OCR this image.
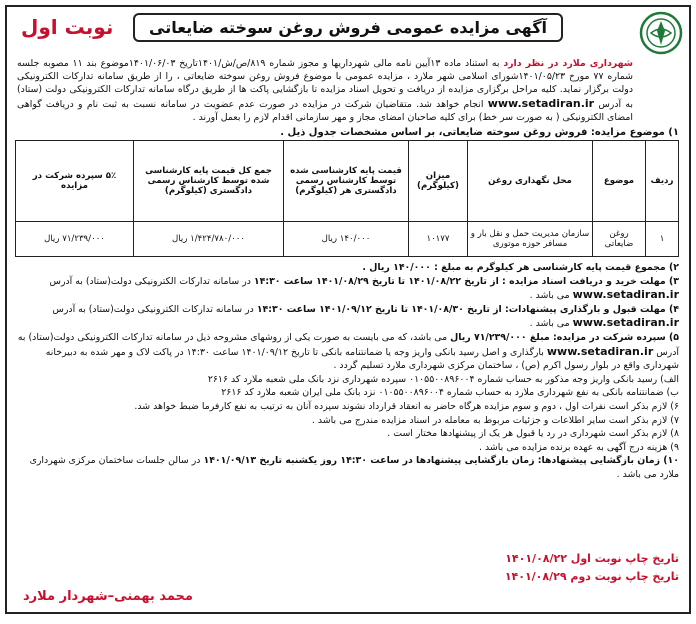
آگهی مزایده عمومی فروش روغن سوخته ضایعاتی
نوبت اول
شهرداری ملارد در نظر دارد به استناد ماده ۱۳آیین نامه مالی شهرداریها و مجوز شماره ۸۱۹/ص/ش/۱۴۰۱تاریخ ۱۴۰۱/۰۶/۰۳موضوع بند ۱۱ مصوبه جلسه شماره ۷۷ مورخ ۱۴۰۱/۰۵/۲۳شورای اسلامی شهر ملارد ، مزایده عمومی با موضوع فروش روغن سوخته ضایعاتی ، را از طریق سامانه تدارکات الکترونیکی دولت برگزار نماید. کلیه مراحل برگزاری مزایده از دریافت و تحویل اسناد مزایده تا بازگشایی پاکت ها از طریق درگاه سامانه تدارکات الکترونیکی دولت (ستاد) به آدرس www.setadiran.ir انجام خواهد شد. متقاضیان شرکت در مزایده در صورت عدم عضویت در سامانه نسبت به ثبت نام و دریافت گواهی امضای الکترونیکی ( به صورت سر خط) برای کلیه صاحبان امضای مجاز و مهر سازمانی اقدام لازم را بعمل آورند .
۱) موضوع مزایده: فروش روغن سوخته ضایعاتی، بر اساس مشخصات جدول ذیل .
ردیف	موضوع	محل نگهداری روغن	میزان (کیلوگرم)	قیمت پایه کارشناسی شده توسط کارشناس رسمی دادگستری هر (کیلوگرم)	جمع کل قیمت پایه کارشناسی شده توسط کارشناس رسمی دادگستری (کیلوگرم)	۵٪ سپرده شرکت در مزایده
۱	روغن ضایعاتی	سازمان مدیریت حمل و نقل بار و مسافر حوزه موتوری	۱۰۱۷۷	۱۴۰/۰۰۰ ریال	۱/۴۲۴/۷۸۰/۰۰۰ ریال	۷۱/۲۳۹/۰۰۰ ریال

۲) مجموع قیمت پایه کارشناسی هر کیلوگرم به مبلغ : ۱۴۰/۰۰۰ ریال .

۳) مهلت خرید و دریافت اسناد مزایده : از تاریخ ۱۴۰۱/۰۸/۲۲ تا تاریخ ۱۴۰۱/۰۸/۲۹ ساعت ۱۴:۳۰ در سامانه تدارکات الکترونیکی دولت(ستاد) به آدرس www.setadiran.ir می باشد .

۴) مهلت قبول و بارگذاری پیشنهادات: از تاریخ ۱۴۰۱/۰۸/۳۰ تا تاریخ ۱۴۰۱/۰۹/۱۲ ساعت ۱۴:۳۰ در سامانه تدارکات الکترونیکی دولت(ستاد) به آدرس www.setadiran.ir می باشد .

۵) سپرده شرکت در مزایده: مبلغ ۷۱/۲۳۹/۰۰۰ ریال می باشد، که می بایست به صورت یکی از روشهای مشروحه ذیل در سامانه تدارکات الکترونیکی دولت(ستاد) به آدرس www.setadiran.ir بارگذاری و اصل رسید بانکی واریز وجه یا ضمانتنامه بانکی تا تاریخ ۱۴۰۱/۰۹/۱۲ ساعت ۱۴:۳۰ در پاکت لاک و مهر شده به دبیرخانه شهرداری واقع در بلوار رسول اکرم (ص) ، ساختمان مرکزی شهرداری ملارد تسلیم گردد .

الف) رسید بانکی واریز وجه مذکور به حساب شماره ۰۱۰۵۵۰۰۸۹۶۰۰۴ سپرده شهرداری نزد بانک ملی شعبه ملارد کد ۲۶۱۶

ب) ضمانتنامه بانکی به نفع شهرداری ملارد به حساب شماره ۰۱۰۵۵۰۰۸۹۶۰۰۴ نزد بانک ملی ایران شعبه ملارد کد ۲۶۱۶

۶) لازم بذکر است نفرات اول ، دوم و سوم مزایده هرگاه حاضر به انعقاد قرارداد نشوند سپرده آنان به ترتیب به نفع کارفرما ضبط خواهد شد.

۷) لازم بذکر است سایر اطلاعات و جزئیات مربوط به معامله در اسناد مزایده مندرج می باشد .

۸) لازم بذکر است شهرداری در رد یا قبول هر یک از پیشنهادها مختار است .

۹) هزینه درج آگهی به عهده برنده مزایده می باشد .

۱۰) زمان بازگشایی پیشنهادها: زمان بازگشایی پیشنهادها در ساعت ۱۴:۳۰ روز یکشنبه تاریخ ۱۴۰۱/۰۹/۱۳ در سالن جلسات ساختمان مرکزی شهرداری ملارد می باشد .

تاریخ چاپ نوبت اول ۱۴۰۱/۰۸/۲۲
تاریخ چاپ نوبت دوم ۱۴۰۱/۰۸/۲۹
محمد بهمنی–شهردار ملارد
